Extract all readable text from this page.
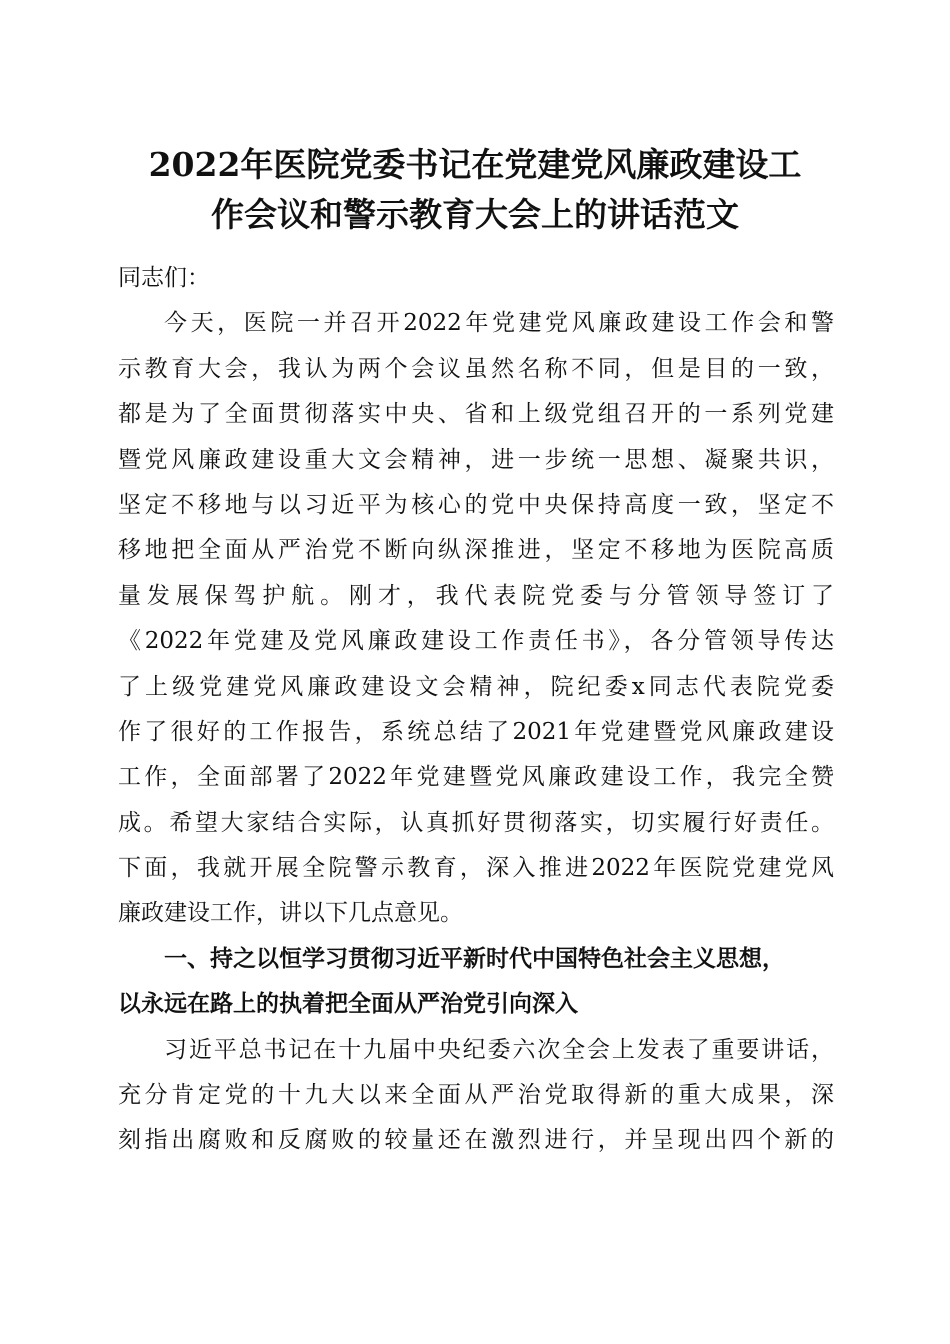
2022年医院党委书记在党建党风廉政建设工
作会议和警示教育大会上的讲话范文
同志们：
今天，医院一并召开2022年党建党风廉政建设工作会和警
示教育大会，我认为两个会议虽然名称不同，但是目的一致，
都是为了全面贯彻落实中央、省和上级党组召开的一系列党建
暨党风廉政建设重大文会精神，进一步统一思想、凝聚共识，
坚定不移地与以习近平为核心的党中央保持高度一致，坚定不
移地把全面从严治党不断向纵深推进，坚定不移地为医院高质
量发展保驾护航。刚才，我代表院党委与分管领导签订了
《2022年党建及党风廉政建设工作责任书》，各分管领导传达
了上级党建党风廉政建设文会精神，院纪委x同志代表院党委
作了很好的工作报告，系统总结了2021年党建暨党风廉政建设
工作，全面部署了2022年党建暨党风廉政建设工作，我完全赞
成。希望大家结合实际，认真抓好贯彻落实，切实履行好责任。
下面，我就开展全院警示教育，深入推进2022年医院党建党风
廉政建设工作，讲以下几点意见。
一、持之以恒学习贯彻习近平新时代中国特色社会主义思想，
以永远在路上的执着把全面从严治党引向深入
习近平总书记在十九届中央纪委六次全会上发表了重要讲话，
充分肯定党的十九大以来全面从严治党取得新的重大成果，深
刻指出腐败和反腐败的较量还在激烈进行，并呈现出四个新的
